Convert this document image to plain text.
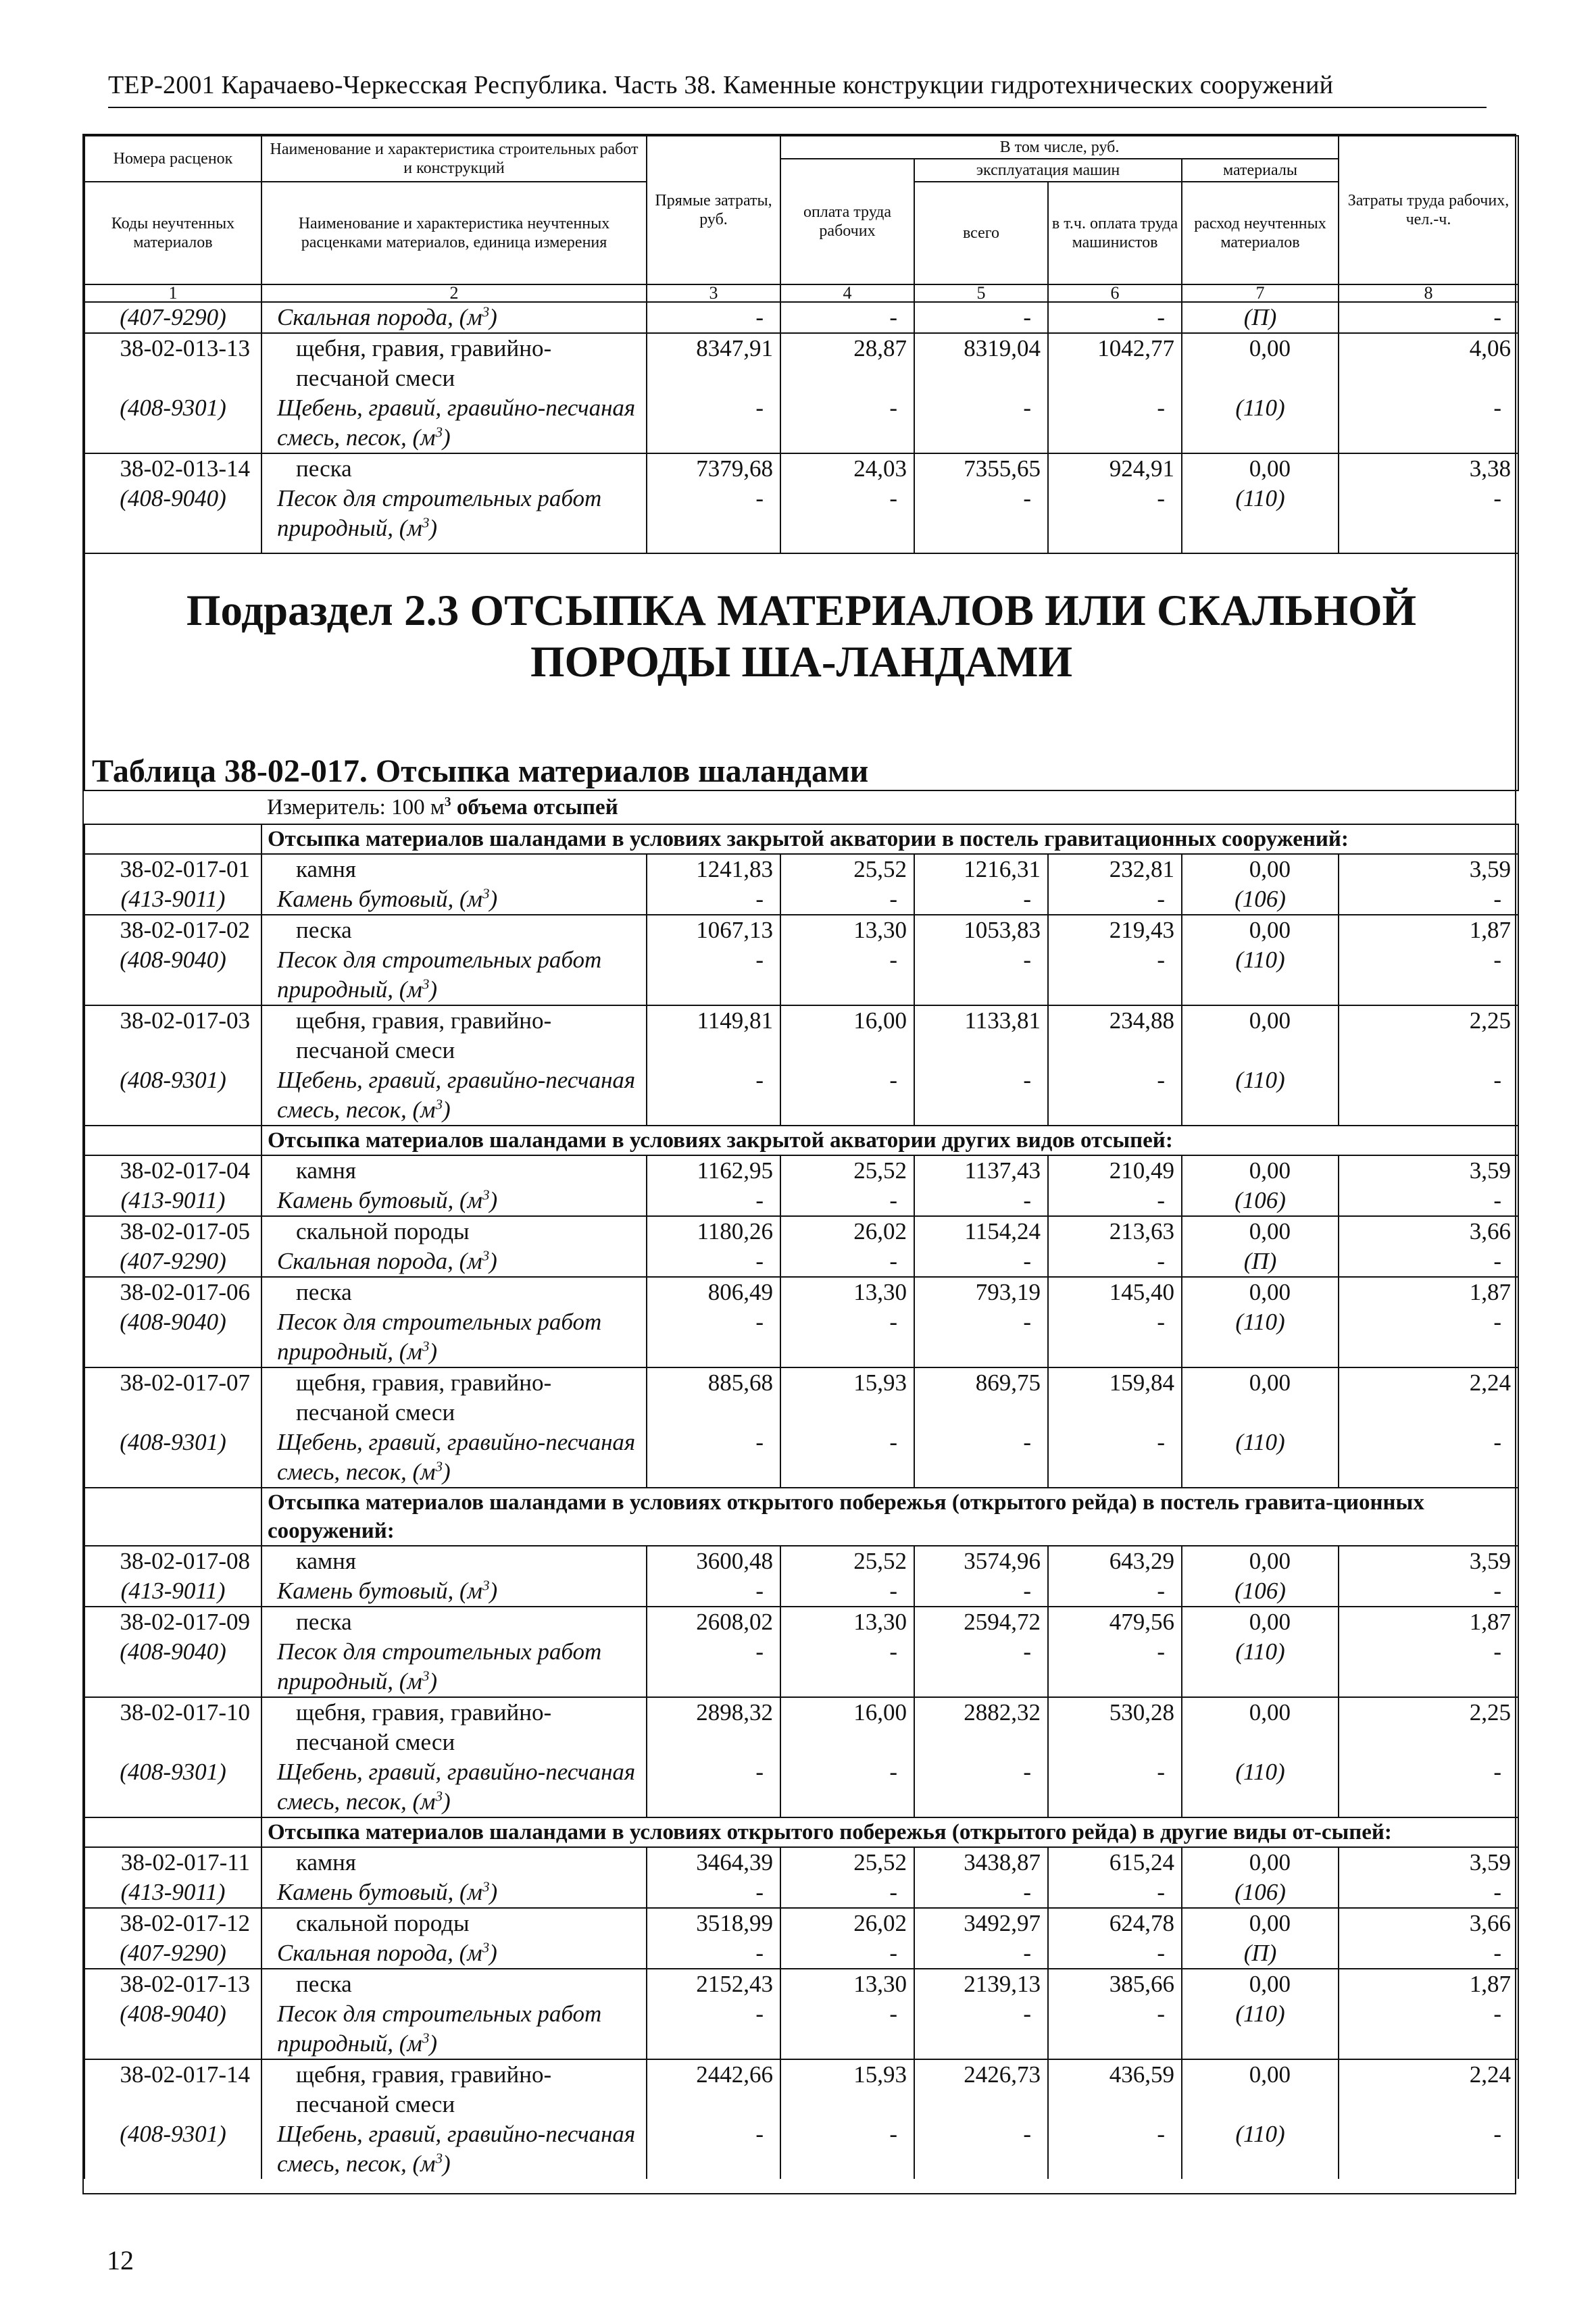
ТЕР-2001 Карачаево-Черкесская Республика. Часть 38. Каменные конструкции гидротехнических сооружений
Номера расценок	Наименование и характеристика строительных работ и конструкций	Прямые затраты, руб.	В том числе, руб.				Затраты труда рабочих, чел.-ч.
			оплата труда рабочих	эксплуатация машин		материалы	
Коды неучтенных материалов	Наименование и характеристика неучтенных расценками материалов, единица измерения			всего	в т.ч. оплата труда машинистов	расход неучтенных материалов	

1	2	3	4	5	6	7	8
(407-9290)	Скальная порода, $(м^3)$	-	-	-	-	(П)	-
38-02-013-13	щебня, гравия, гравийно-песчаной смеси	8347,91	28,87	8319,04	1042,77	0,00	4,06
(408-9301)	Щебень, гравий, гравийно-песчаная смесь, песок, $(м^3)$	-	-	-	-	(110)	-
38-02-013-14	песка	7379,68	24,03	7355,65	924,91	0,00	3,38
(408-9040)	Песок для строительных работ природный, $(м^3)$	-	-	-	-	(110)	-

Подраздел 2.3 ОТСЫПКА МАТЕРИАЛОВ ИЛИ СКАЛЬНОЙ ПОРОДЫ ША-ЛАНДАМИ
Таблица 38-02-017. Отсыпка материалов шаландами							

	Измеритель: 100 $м^3$ объема отсыпей						
	Отсыпка материалов шаландами в условиях закрытой акватории в постель гравитационных сооружений:						
38-02-017-01	камня	1241,83	25,52	1216,31	232,81	0,00	3,59
(413-9011)	Камень бутовый, $(м^3)$	-	-	-	-	(106)	-
38-02-017-02	песка	1067,13	13,30	1053,83	219,43	0,00	1,87
(408-9040)	Песок для строительных работ природный, $(м^3)$	-	-	-	-	(110)	-
38-02-017-03	щебня, гравия, гравийно-песчаной смеси	1149,81	16,00	1133,81	234,88	0,00	2,25
(408-9301)	Щебень, гравий, гравийно-песчаная смесь, песок, $(м^3)$	-	-	-	-	(110)	-
	Отсыпка материалов шаландами в условиях закрытой акватории других видов отсыпей:						
38-02-017-04	камня	1162,95	25,52	1137,43	210,49	0,00	3,59
(413-9011)	Камень бутовый, $(м^3)$	-	-	-	-	(106)	-
38-02-017-05	скальной породы	1180,26	26,02	1154,24	213,63	0,00	3,66
(407-9290)	Скальная порода, $(м^3)$	-	-	-	-	(П)	-
38-02-017-06	песка	806,49	13,30	793,19	145,40	0,00	1,87
(408-9040)	Песок для строительных работ природный, $(м^3)$	-	-	-	-	(110)	-
38-02-017-07	щебня, гравия, гравийно-песчаной смеси	885,68	15,93	869,75	159,84	0,00	2,24
(408-9301)	Щебень, гравий, гравийно-песчаная смесь, песок, $(м^3)$	-	-	-	-	(110)	-
	Отсыпка материалов шаландами в условиях открытого побережья (открытого рейда) в постель гравита-ционных сооружений:						
38-02-017-08	камня	3600,48	25,52	3574,96	643,29	0,00	3,59
(413-9011)	Камень бутовый, $(м^3)$	-	-	-	-	(106)	-
38-02-017-09	песка	2608,02	13,30	2594,72	479,56	0,00	1,87
(408-9040)	Песок для строительных работ природный, $(м^3)$	-	-	-	-	(110)	-
38-02-017-10	щебня, гравия, гравийно-песчаной смеси	2898,32	16,00	2882,32	530,28	0,00	2,25
(408-9301)	Щебень, гравий, гравийно-песчаная смесь, песок, $(м^3)$	-	-	-	-	(110)	-
	Отсыпка материалов шаландами в условиях открытого побережья (открытого рейда) в другие виды от-сыпей:						
38-02-017-11	камня	3464,39	25,52	3438,87	615,24	0,00	3,59
(413-9011)	Камень бутовый, $(м^3)$	-	-	-	-	(106)	-
38-02-017-12	скальной породы	3518,99	26,02	3492,97	624,78	0,00	3,66
(407-9290)	Скальная порода, $(м^3)$	-	-	-	-	(П)	-
38-02-017-13	песка	2152,43	13,30	2139,13	385,66	0,00	1,87
(408-9040)	Песок для строительных работ природный, $(м^3)$	-	-	-	-	(110)	-
38-02-017-14	щебня, гравия, гравийно-песчаной смеси	2442,66	15,93	2426,73	436,59	0,00	2,24
(408-9301)	Щебень, гравий, гравийно-песчаная смесь, песок, $(м^3)$	-	-	-	-	(110)	-
12
